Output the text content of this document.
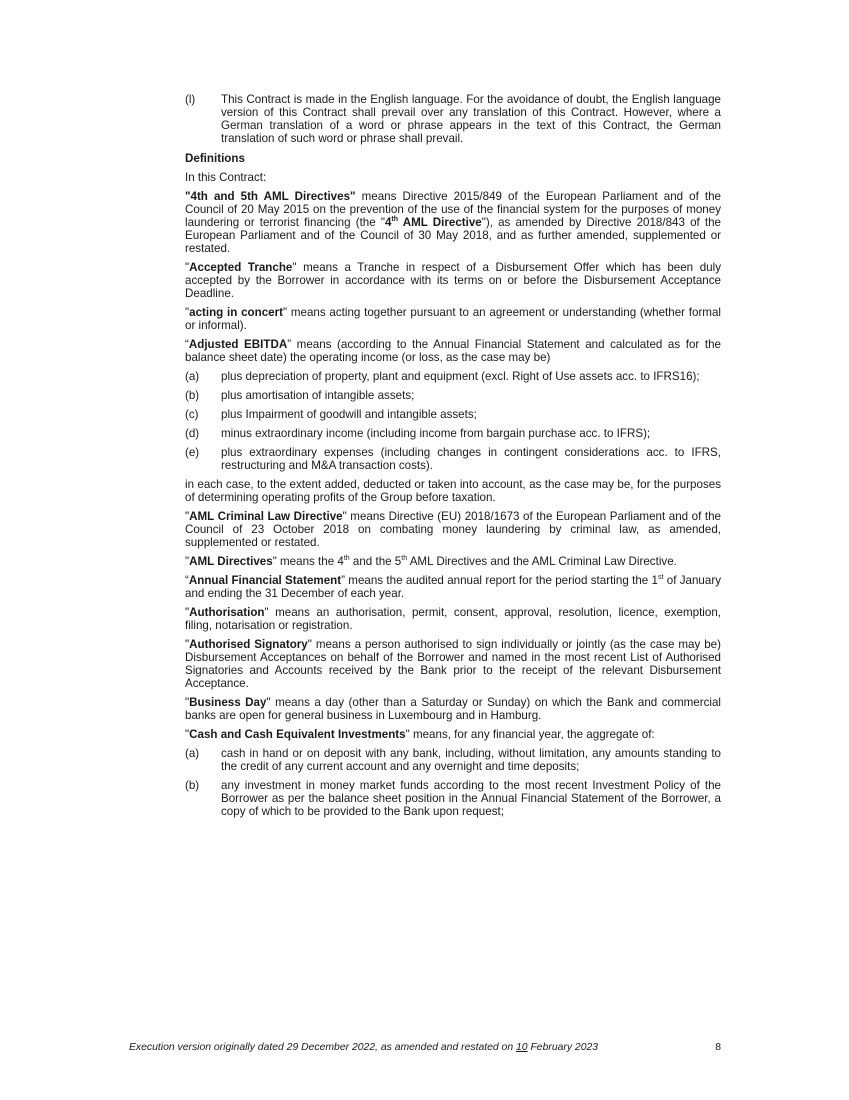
(l)	This Contract is made in the English language. For the avoidance of doubt, the English language version of this Contract shall prevail over any translation of this Contract. However, where a German translation of a word or phrase appears in the text of this Contract, the German translation of such word or phrase shall prevail.
Definitions
In this Contract:
"4th and 5th AML Directives" means Directive 2015/849 of the European Parliament and of the Council of 20 May 2015 on the prevention of the use of the financial system for the purposes of money laundering or terrorist financing (the "4th AML Directive"), as amended by Directive 2018/843 of the European Parliament and of the Council of 30 May 2018, and as further amended, supplemented or restated.
"Accepted Tranche" means a Tranche in respect of a Disbursement Offer which has been duly accepted by the Borrower in accordance with its terms on or before the Disbursement Acceptance Deadline.
"acting in concert" means acting together pursuant to an agreement or understanding (whether formal or informal).
“Adjusted EBITDA” means (according to the Annual Financial Statement and calculated as for the balance sheet date) the operating income (or loss, as the case may be)
(a)	plus depreciation of property, plant and equipment (excl. Right of Use assets acc. to IFRS16);
(b)	plus amortisation of intangible assets;
(c)	plus Impairment of goodwill and intangible assets;
(d)	minus extraordinary income (including income from bargain purchase acc. to IFRS);
(e)	plus extraordinary expenses (including changes in contingent considerations acc. to IFRS, restructuring and M&A transaction costs).
in each case, to the extent added, deducted or taken into account, as the case may be, for the purposes of determining operating profits of the Group before taxation.
"AML Criminal Law Directive" means Directive (EU) 2018/1673 of the European Parliament and of the Council of 23 October 2018 on combating money laundering by criminal law, as amended, supplemented or restated.
"AML Directives" means the 4th and the 5th AML Directives and the AML Criminal Law Directive.
“Annual Financial Statement” means the audited annual report for the period starting the 1st of January and ending the 31 December of each year.
"Authorisation" means an authorisation, permit, consent, approval, resolution, licence, exemption, filing, notarisation or registration.
"Authorised Signatory" means a person authorised to sign individually or jointly (as the case may be) Disbursement Acceptances on behalf of the Borrower and named in the most recent List of Authorised Signatories and Accounts received by the Bank prior to the receipt of the relevant Disbursement Acceptance.
"Business Day" means a day (other than a Saturday or Sunday) on which the Bank and commercial banks are open for general business in Luxembourg and in Hamburg.
"Cash and Cash Equivalent Investments" means, for any financial year, the aggregate of:
(a)	cash in hand or on deposit with any bank, including, without limitation, any amounts standing to the credit of any current account and any overnight and time deposits;
(b)	any investment in money market funds according to the most recent Investment Policy of the Borrower as per the balance sheet position in the Annual Financial Statement of the Borrower, a copy of which to be provided to the Bank upon request;
Execution version originally dated 29 December 2022, as amended and restated on 10 February 2023	8
